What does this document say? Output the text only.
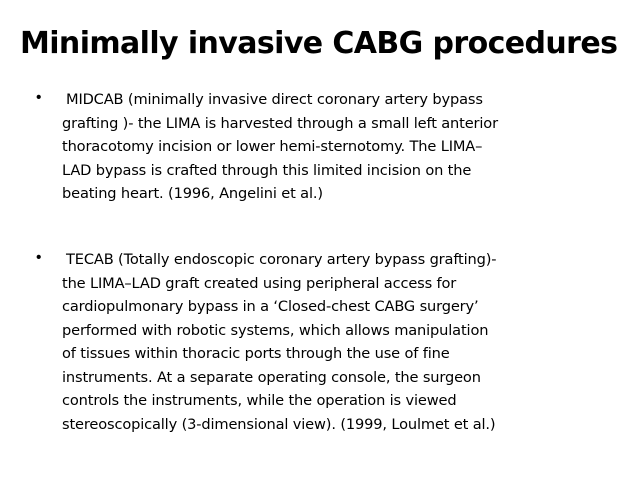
Minimally invasive CABG procedures
• MIDCAB (minimally invasive direct coronary artery bypass
grafting )- the LIMA is harvested through a small left anterior
thoracotomy incision or lower hemi-sternotomy. The LIMA–
LAD bypass is crafted through this limited incision on the
beating heart. (1996, Angelini et al.)
• TECAB (Totally endoscopic coronary artery bypass grafting)-
the LIMA–LAD graft created using peripheral access for
cardiopulmonary bypass in a ‘Closed-chest CABG surgery’
performed with robotic systems, which allows manipulation
of tissues within thoracic ports through the use of fine
instruments. At a separate operating console, the surgeon
controls the instruments, while the operation is viewed
stereoscopically (3-dimensional view). (1999, Loulmet et al.)
